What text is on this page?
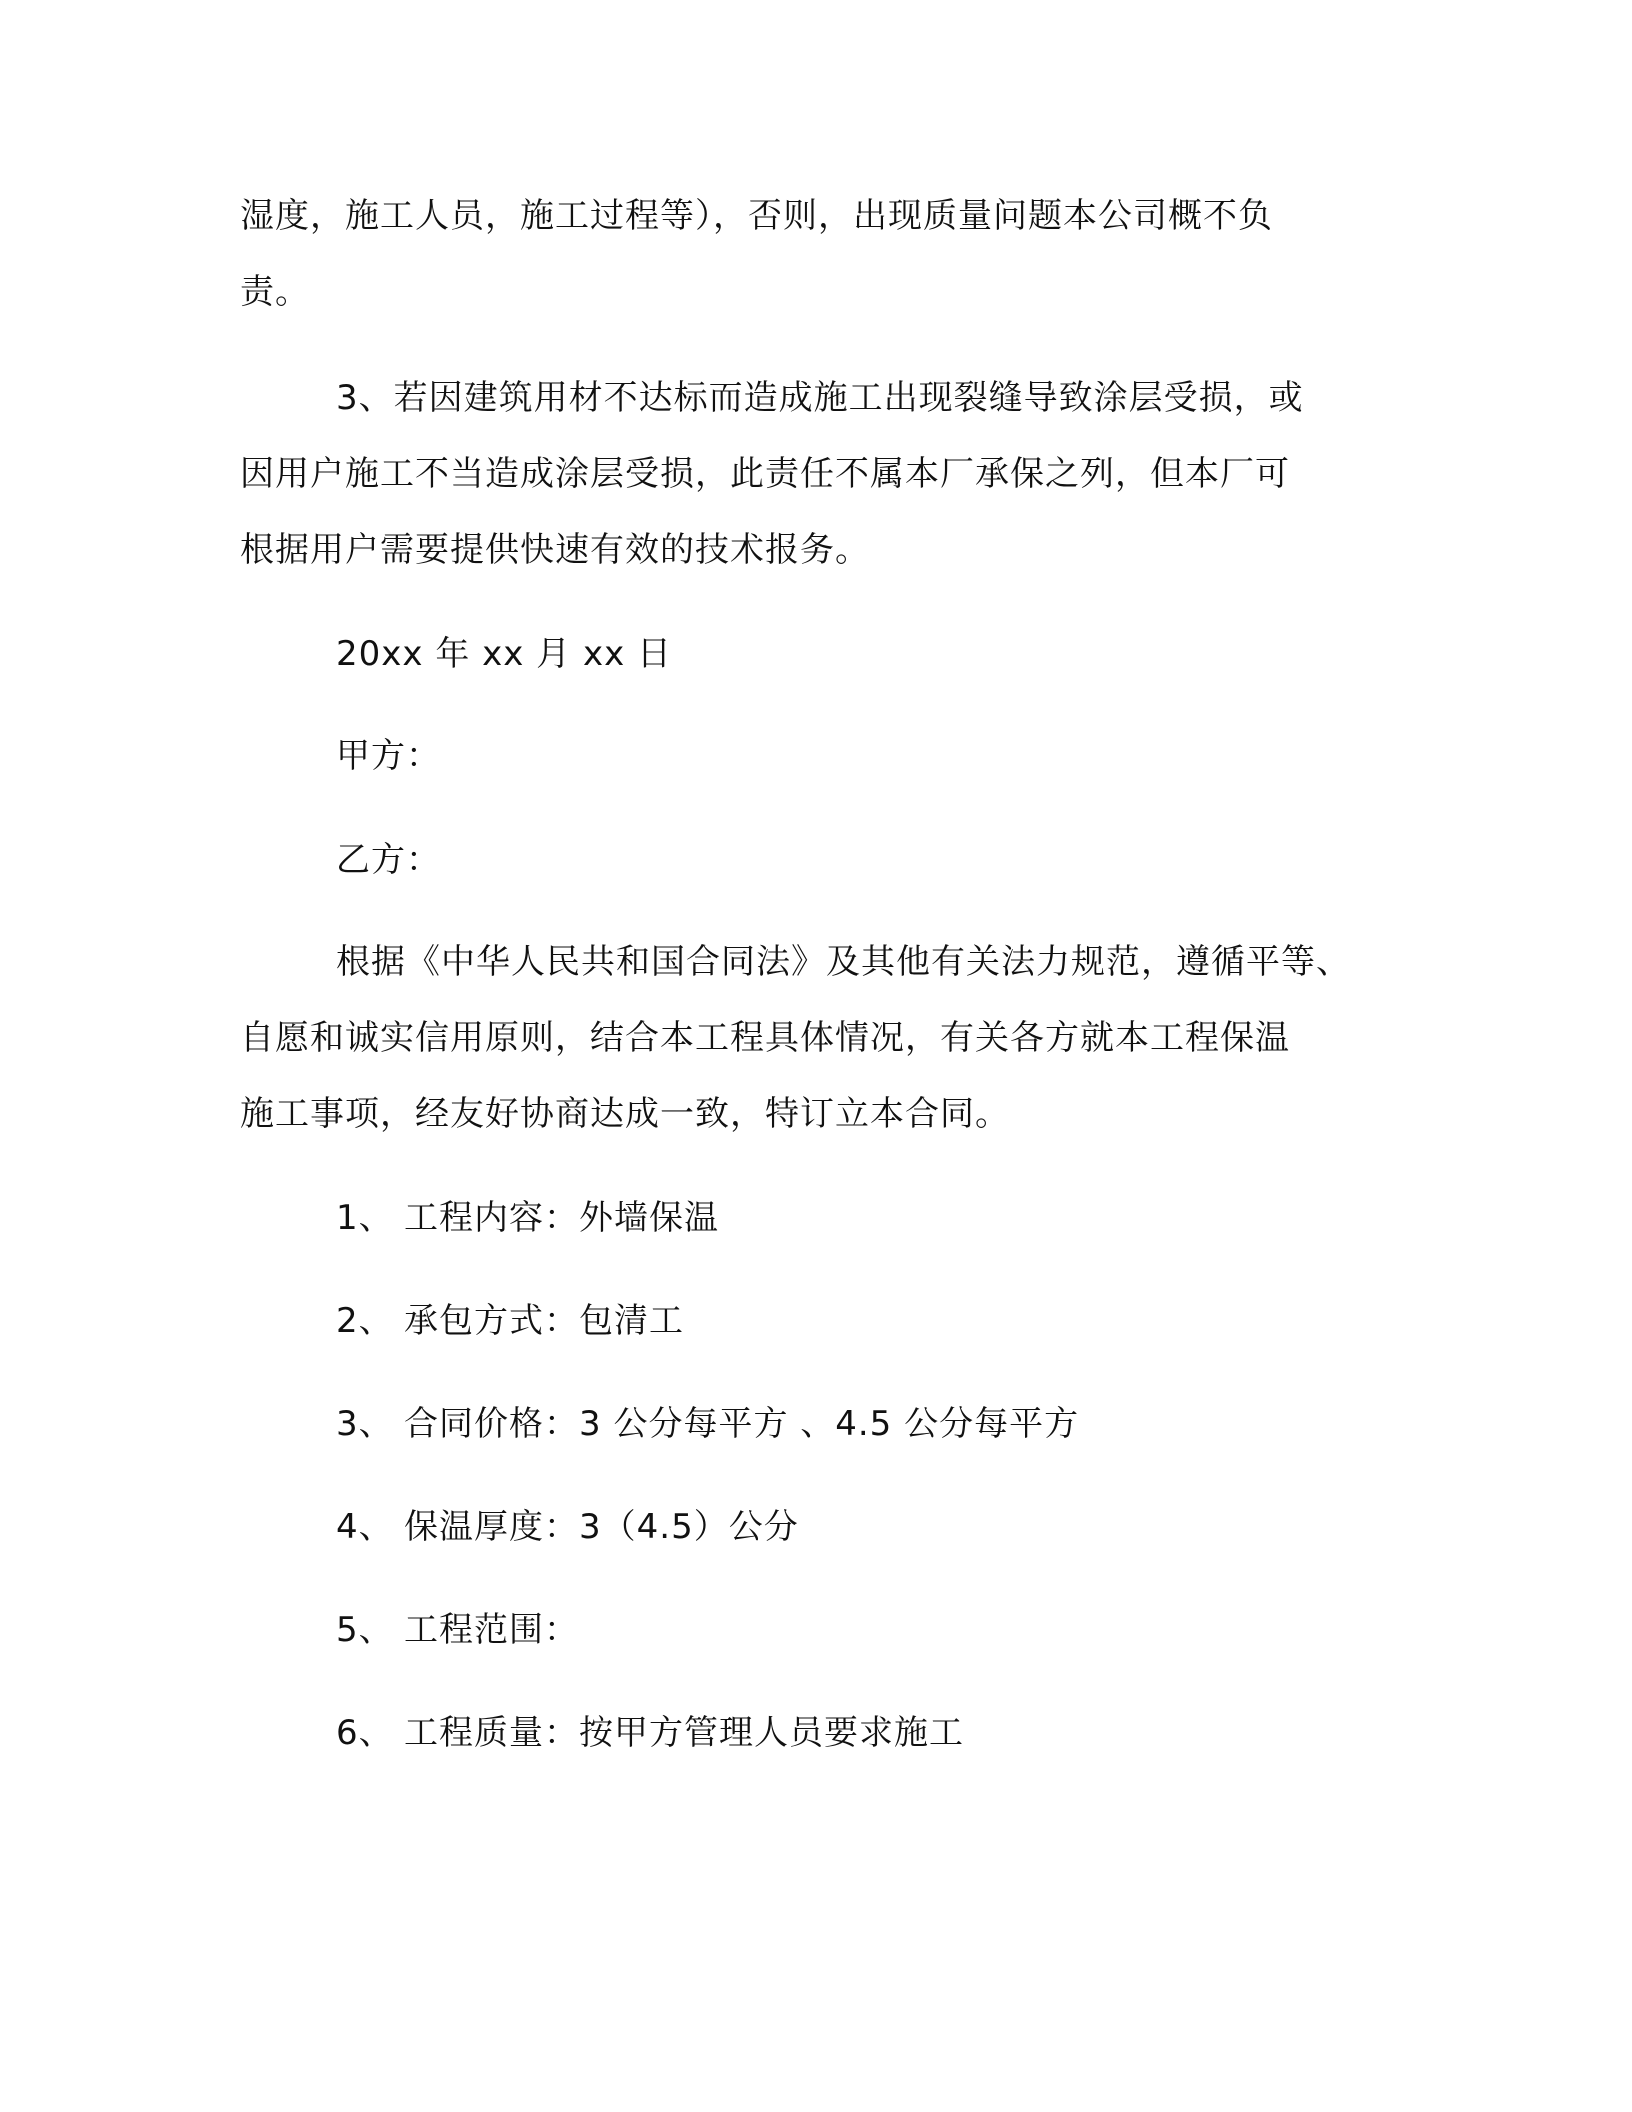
湿度，施工人员，施工过程等），否则，出现质量问题本公司概不负
责。
3、若因建筑用材不达标而造成施工出现裂缝导致涂层受损，或
因用户施工不当造成涂层受损，此责任不属本厂承保之列，但本厂可
根据用户需要提供快速有效的技术报务。
20xx 年 xx 月 xx 日
甲方：
乙方：
根据《中华人民共和国合同法》及其他有关法力规范，遵循平等、
自愿和诚实信用原则，结合本工程具体情况，有关各方就本工程保温
施工事项，经友好协商达成一致，特订立本合同。
1、 工程内容：外墙保温
2、 承包方式：包清工
3、 合同价格：3 公分每平方 、4.5 公分每平方
4、 保温厚度：3（4.5）公分
5、 工程范围：
6、 工程质量：按甲方管理人员要求施工
